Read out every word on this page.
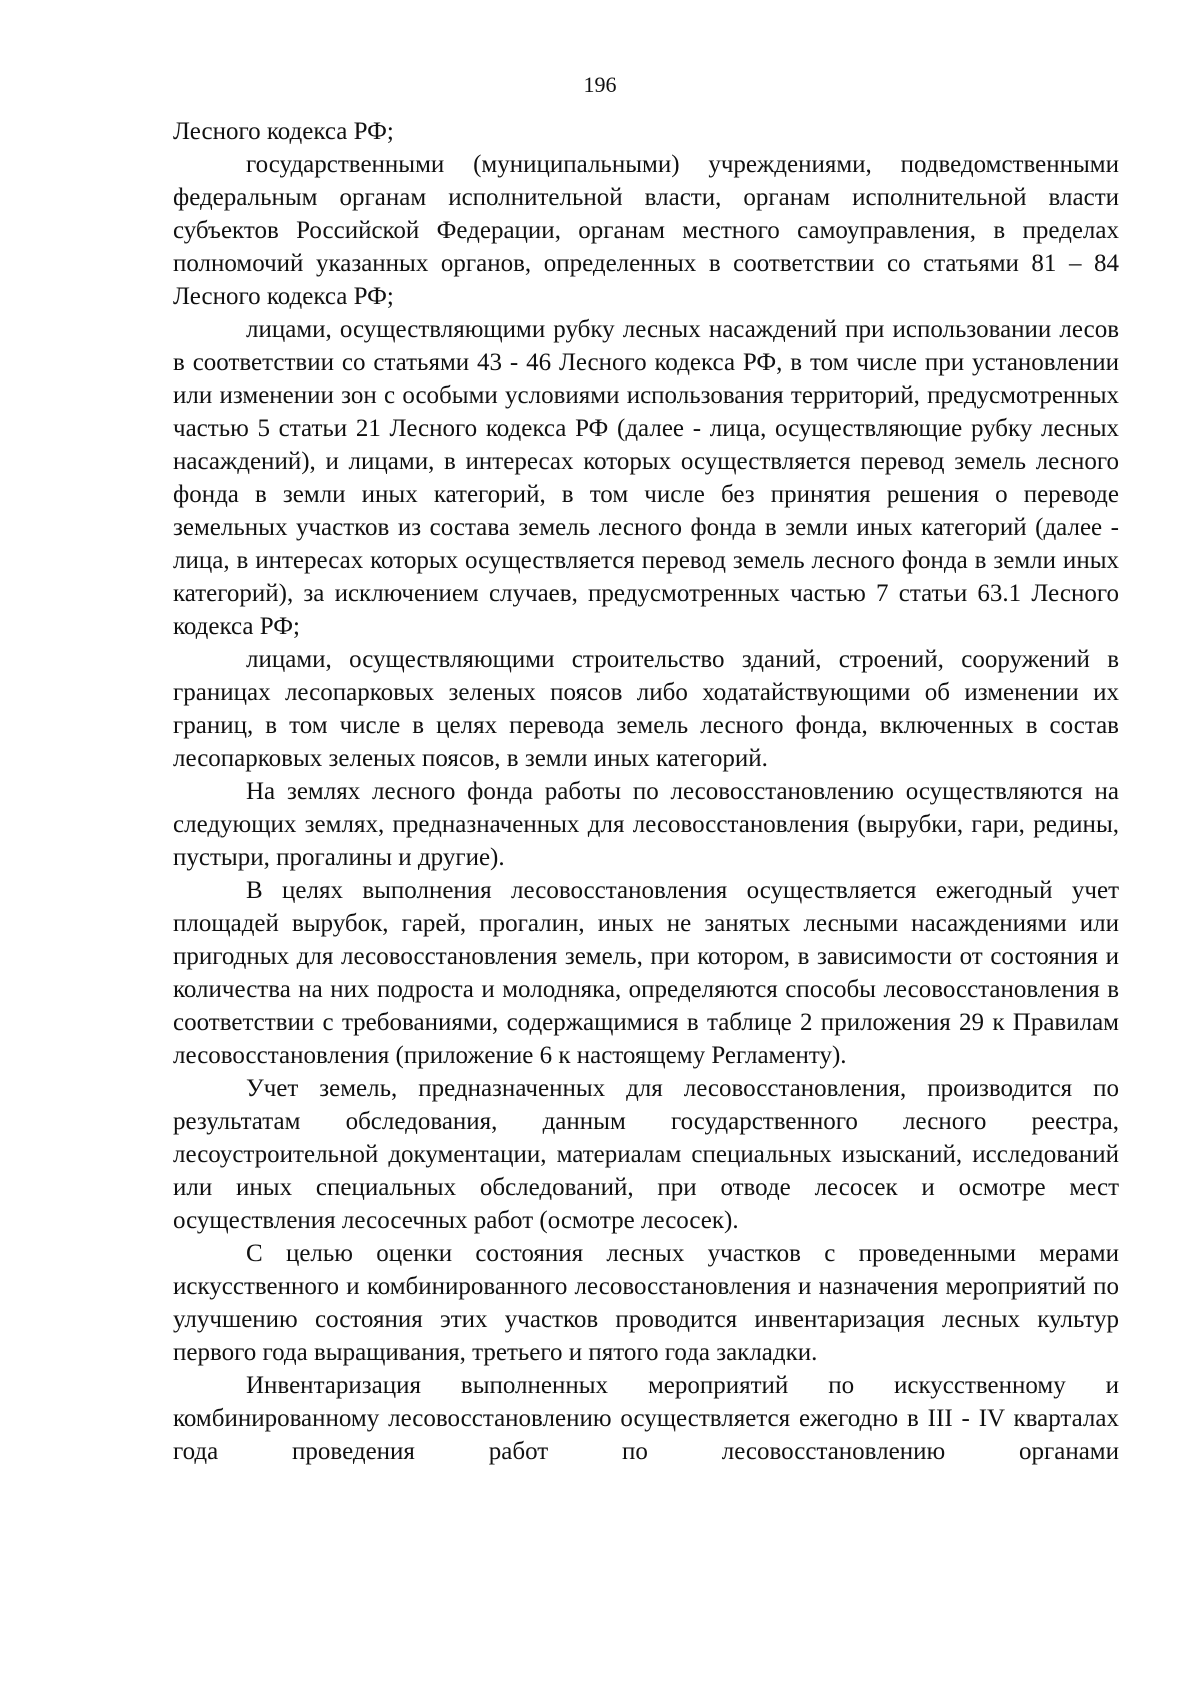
196

Лесного кодекса РФ;

государственными (муниципальными) учреждениями, подведомственными федеральным органам исполнительной власти, органам исполнительной власти субъектов Российской Федерации, органам местного самоуправления, в пределах полномочий указанных органов, определенных в соответствии со статьями 81 – 84 Лесного кодекса РФ;

лицами, осуществляющими рубку лесных насаждений при использовании лесов в соответствии со статьями 43 - 46 Лесного кодекса РФ, в том числе при установлении или изменении зон с особыми условиями использования территорий, предусмотренных частью 5 статьи 21 Лесного кодекса РФ (далее - лица, осуществляющие рубку лесных насаждений), и лицами, в интересах которых осуществляется перевод земель лесного фонда в земли иных категорий, в том числе без принятия решения о переводе земельных участков из состава земель лесного фонда в земли иных категорий (далее - лица, в интересах которых осуществляется перевод земель лесного фонда в земли иных категорий), за исключением случаев, предусмотренных частью 7 статьи 63.1 Лесного кодекса РФ;

лицами, осуществляющими строительство зданий, строений, сооружений в границах лесопарковых зеленых поясов либо ходатайствующими об изменении их границ, в том числе в целях перевода земель лесного фонда, включенных в состав лесопарковых зеленых поясов, в земли иных категорий.

На землях лесного фонда работы по лесовосстановлению осуществляются на следующих землях, предназначенных для лесовосстановления (вырубки, гари, редины, пустыри, прогалины и другие).

В целях выполнения лесовосстановления осуществляется ежегодный учет площадей вырубок, гарей, прогалин, иных не занятых лесными насаждениями или пригодных для лесовосстановления земель, при котором, в зависимости от состояния и количества на них подроста и молодняка, определяются способы лесовосстановления в соответствии с требованиями, содержащимися в таблице 2 приложения 29 к Правилам лесовосстановления (приложение 6 к настоящему Регламенту).

Учет земель, предназначенных для лесовосстановления, производится по результатам обследования, данным государственного лесного реестра, лесоустроительной документации, материалам специальных изысканий, исследований или иных специальных обследований, при отводе лесосек и осмотре мест осуществления лесосечных работ (осмотре лесосек).

С целью оценки состояния лесных участков с проведенными мерами искусственного и комбинированного лесовосстановления и назначения мероприятий по улучшению состояния этих участков проводится инвентаризация лесных культур первого года выращивания, третьего и пятого года закладки.

Инвентаризация выполненных мероприятий по искусственному и комбинированному лесовосстановлению осуществляется ежегодно в III - IV кварталах года проведения работ по лесовосстановлению органами
